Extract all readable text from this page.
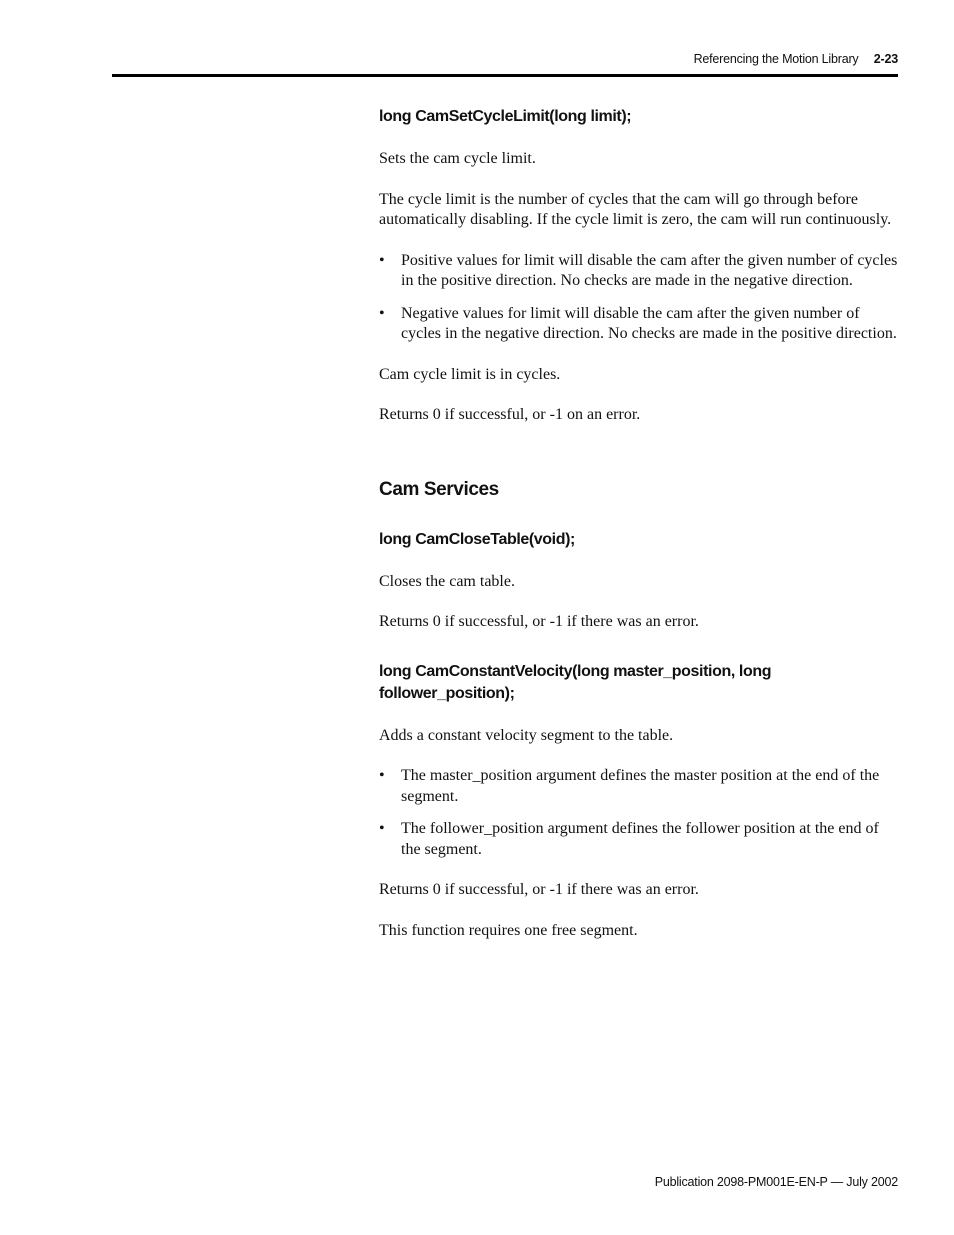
Referencing the Motion Library 2-23
long CamSetCycleLimit(long limit);

Sets the cam cycle limit.

The cycle limit is the number of cycles that the cam will go through before automatically disabling. If the cycle limit is zero, the cam will run continuously.

• Positive values for limit will disable the cam after the given number of cycles in the positive direction. No checks are made in the negative direction.
• Negative values for limit will disable the cam after the given number of cycles in the negative direction. No checks are made in the positive direction.

Cam cycle limit is in cycles.

Returns 0 if successful, or -1 on an error.

Cam Services
long CamCloseTable(void);

Closes the cam table.

Returns 0 if successful, or -1 if there was an error.

long CamConstantVelocity(long master_position, long follower_position);

Adds a constant velocity segment to the table.

• The master_position argument defines the master position at the end of the segment.
• The follower_position argument defines the follower position at the end of the segment.

Returns 0 if successful, or -1 if there was an error.

This function requires one free segment.

Publication 2098-PM001E-EN-P — July 2002
